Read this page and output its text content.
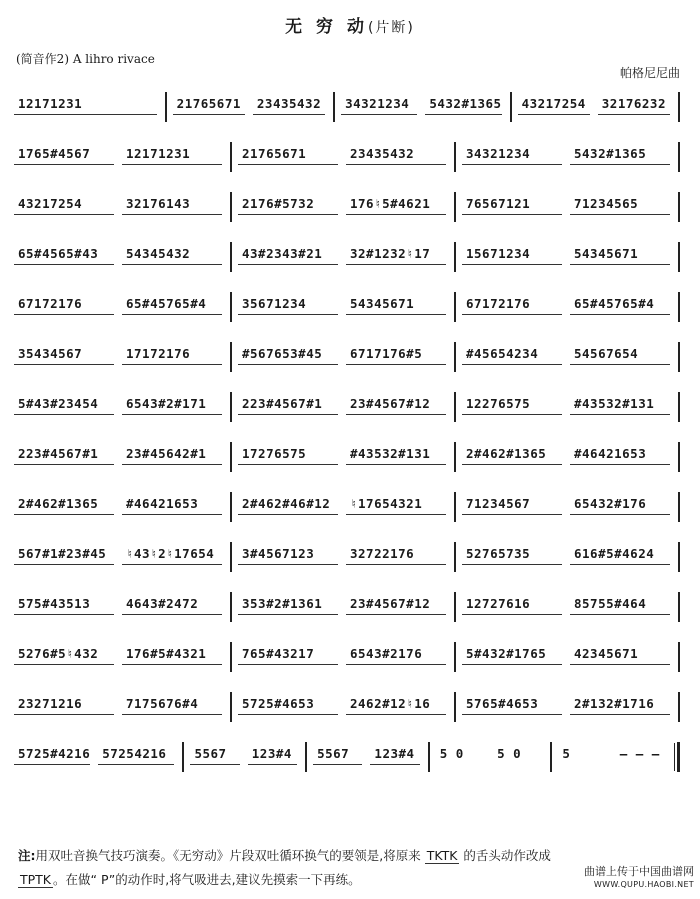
无 穷 动(片断)
(简音作2) A lihro rivace
帕格尼尼曲
12171231	21765671	23435432	34321234	5432#1365	43217254	32176232
1765#4567	12171231	21765671	23435432	34321234	5432#1365
43217254	32176143	2176#5732	176♮5#4621	76567121	71234565
65#4565#43	54345432	43#2343#21	32#1232♮17	15671234	54345671
67172176	65#45765#4	35671234	54345671	67172176	65#45765#4
35434567	17172176	#567653#45	6717176#5	#45654234	54567654
5#43#23454	6543#2#171	223#4567#1	23#4567#12	12276575	#43532#131
223#4567#1	23#45642#1	17276575	#43532#131	2#462#1365	#46421653
2#462#1365	#46421653	2#462#46#12	♮17654321	71234567	65432#176
567#1#23#45	♮43♮2♮17654	3#4567123	32722176	52765735	616#5#4624
575#43513	4643#2472	353#2#1361	23#4567#12	12727616	85755#464
5276#5♮432	176#5#4321	765#43217	6543#2176	5#432#1765	42345671
23271216	7175676#4	5725#4653	2462#12♮16	5765#4653	2#132#1716
5725#4216 57254216	5567	123#4	5567	123#4	5 0	5 0	5	— — —
注:用双吐音换气技巧演奏。《无穷动》片段双吐循环换气的要领是,将原来 TKTK 的舌头动作改成
TPTK 。在做“ P”的动作时,将气吸进去,建议先摸索一下再练。
曲谱上传于中国曲谱网
WWW.QUPU.HAOBI.NET
